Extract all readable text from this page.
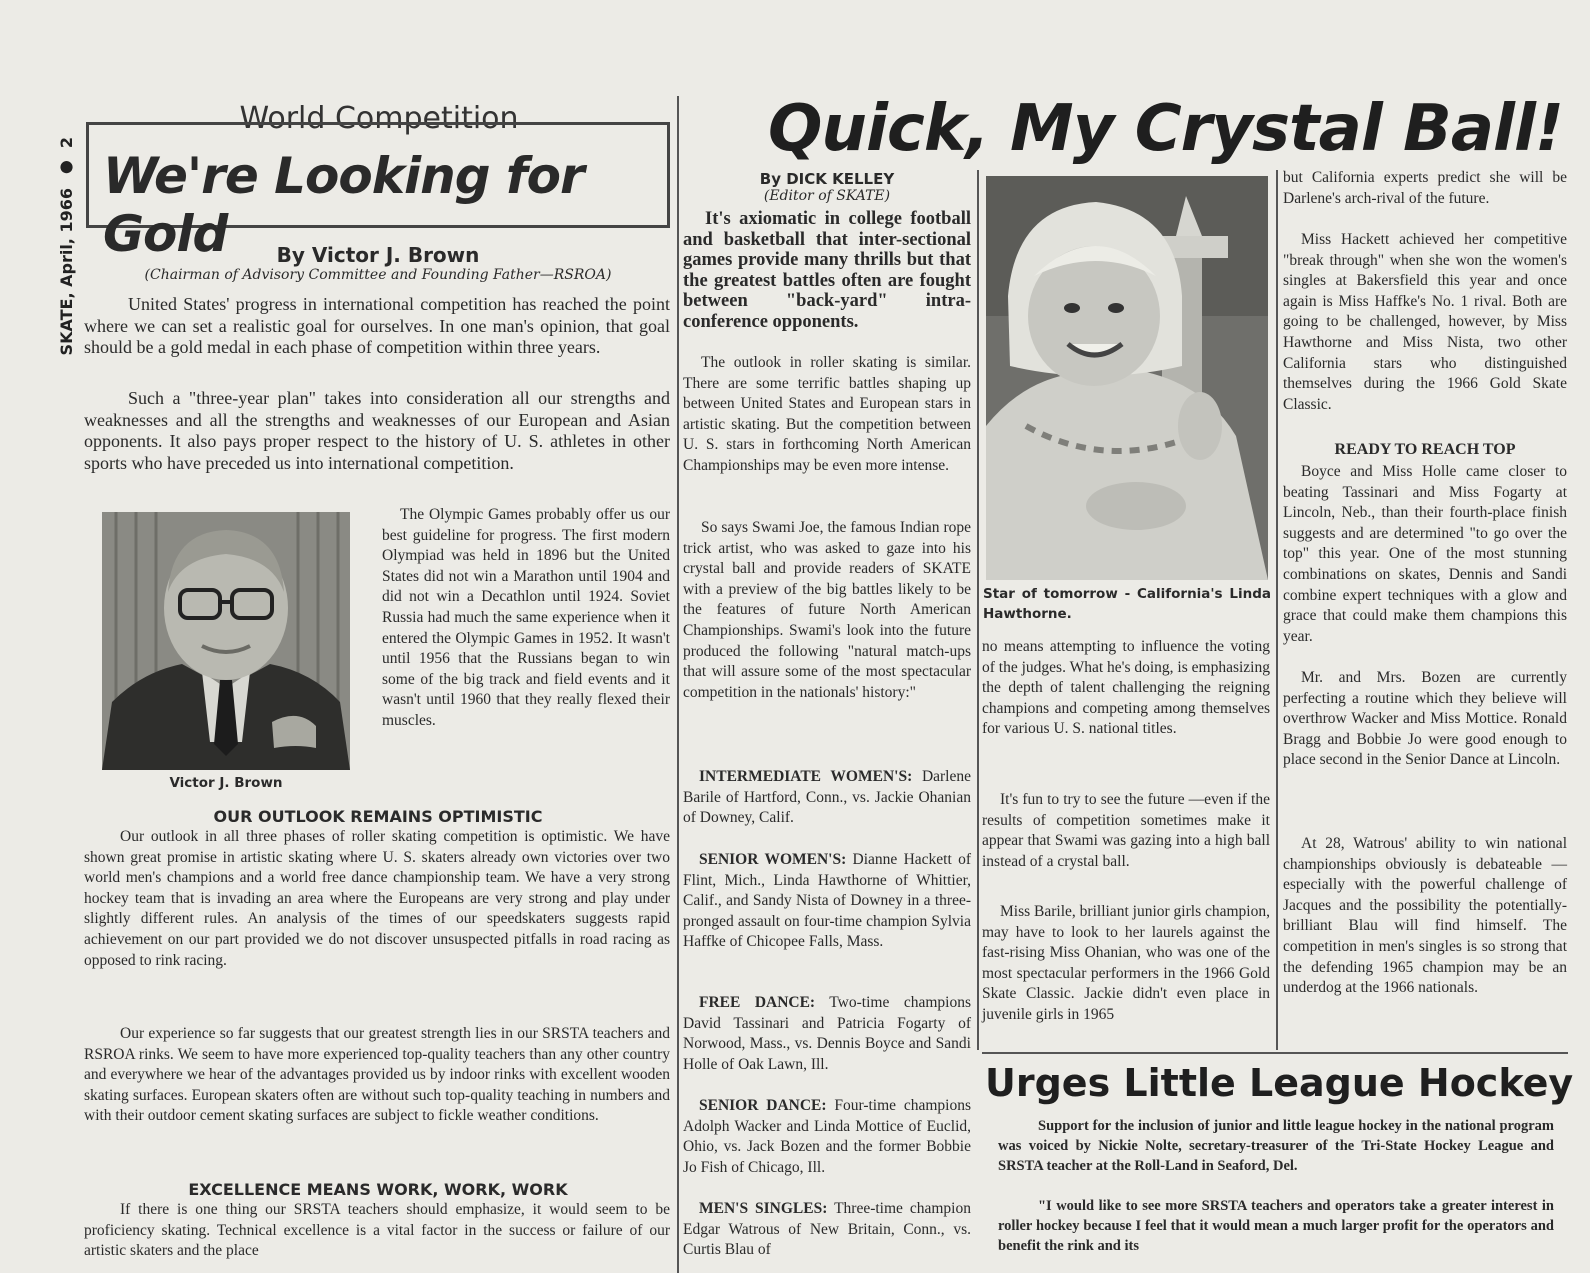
SKATE, April, 1966
●
2
World Competition
We're Looking for Gold	By Victor J. Brown
(Chairman of Advisory Committee and Founding Father—RSROA)
United States' progress in international competition has reached the point where we can set a realistic goal for ourselves. In one man's opinion, that goal should be a gold medal in each phase of competition within three years.
Such a "three-year plan" takes into consideration all our strengths and weaknesses and all the strengths and weaknesses of our European and Asian opponents. It also pays proper respect to the history of U. S. athletes in other sports who have preceded us into international competition.
Victor J. Brown
The Olympic Games probably offer us our best guideline for progress. The first modern Olympiad was held in 1896 but the United States did not win a Marathon until 1904 and did not win a Decathlon until 1924. Soviet Russia had much the same experience when it entered the Olympic Games in 1952. It wasn't until 1956 that the Russians began to win some of the big track and field events and it wasn't until 1960 that they really flexed their muscles.
OUR OUTLOOK REMAINS OPTIMISTIC
Our outlook in all three phases of roller skating competition is optimistic. We have shown great promise in artistic skating where U. S. skaters already own victories over two world men's champions and a world free dance championship team. We have a very strong hockey team that is invading an area where the Europeans are very strong and play under slightly different rules. An analysis of the times of our speedskaters suggests rapid achievement on our part provided we do not discover unsuspected pitfalls in road racing as opposed to rink racing.
Our experience so far suggests that our greatest strength lies in our SRSTA teachers and RSROA rinks. We seem to have more experienced top-quality teachers than any other country and everywhere we hear of the advantages provided us by indoor rinks with excellent wooden skating surfaces. European skaters often are without such top-quality teaching in numbers and with their outdoor cement skating surfaces are subject to fickle weather conditions.
EXCELLENCE MEANS WORK, WORK, WORK
If there is one thing our SRSTA teachers should emphasize, it would seem to be proficiency skating. Technical excellence is a vital factor in the success or failure of our artistic skaters and the place
Quick, My Crystal Ball!
By DICK KELLEY
(Editor of SKATE)
It's axiomatic in college football and basketball that inter-sectional games provide many thrills but that the greatest battles often are fought between "back-yard" intra-conference opponents.
The outlook in roller skating is similar. There are some terrific battles shaping up between United States and European stars in artistic skating. But the competition between U. S. stars in forthcoming North American Championships may be even more intense.
So says Swami Joe, the famous Indian rope trick artist, who was asked to gaze into his crystal ball and provide readers of SKATE with a preview of the big battles likely to be the features of future North American Championships. Swami's look into the future produced the following "natural match-ups that will assure some of the most spectacular competition in the nationals' history:"
INTERMEDIATE WOMEN'S: Darlene Barile of Hartford, Conn., vs. Jackie Ohanian of Downey, Calif.
SENIOR WOMEN'S: Dianne Hackett of Flint, Mich., Linda Hawthorne of Whittier, Calif., and Sandy Nista of Downey in a three-pronged assault on four-time champion Sylvia Haffke of Chicopee Falls, Mass.
FREE DANCE: Two-time champions David Tassinari and Patricia Fogarty of Norwood, Mass., vs. Dennis Boyce and Sandi Holle of Oak Lawn, Ill.
SENIOR DANCE: Four-time champions Adolph Wacker and Linda Mottice of Euclid, Ohio, vs. Jack Bozen and the former Bobbie Jo Fish of Chicago, Ill.
MEN'S SINGLES: Three-time champion Edgar Watrous of New Britain, Conn., vs. Curtis Blau of
Star of tomorrow - California's Linda Hawthorne.
no means attempting to influence the voting of the judges. What he's doing, is emphasizing the depth of talent challenging the reigning champions and competing among themselves for various U. S. national titles.
It's fun to try to see the future —even if the results of competition sometimes make it appear that Swami was gazing into a high ball instead of a crystal ball.
Miss Barile, brilliant junior girls champion, may have to look to her laurels against the fast-rising Miss Ohanian, who was one of the most spectacular performers in the 1966 Gold Skate Classic. Jackie didn't even place in juvenile girls in 1965
but California experts predict she will be Darlene's arch-rival of the future.
Miss Hackett achieved her competitive "break through" when she won the women's singles at Bakersfield this year and once again is Miss Haffke's No. 1 rival. Both are going to be challenged, however, by Miss Hawthorne and Miss Nista, two other California stars who distinguished themselves during the 1966 Gold Skate Classic.
READY TO REACH TOP
Boyce and Miss Holle came closer to beating Tassinari and Miss Fogarty at Lincoln, Neb., than their fourth-place finish suggests and are determined "to go over the top" this year. One of the most stunning combinations on skates, Dennis and Sandi combine expert techniques with a glow and grace that could make them champions this year.
Mr. and Mrs. Bozen are currently perfecting a routine which they believe will overthrow Wacker and Miss Mottice. Ronald Bragg and Bobbie Jo were good enough to place second in the Senior Dance at Lincoln.
At 28, Watrous' ability to win national championships obviously is debateable —especially with the powerful challenge of Jacques and the possibility the potentially-brilliant Blau will find himself. The competition in men's singles is so strong that the defending 1965 champion may be an underdog at the 1966 nationals.
Urges Little League Hockey
Support for the inclusion of junior and little league hockey in the national program was voiced by Nickie Nolte, secretary-treasurer of the Tri-State Hockey League and SRSTA teacher at the Roll-Land in Seaford, Del.
"I would like to see more SRSTA teachers and operators take a greater interest in roller hockey because I feel that it would mean a much larger profit for the operators and benefit the rink and its
